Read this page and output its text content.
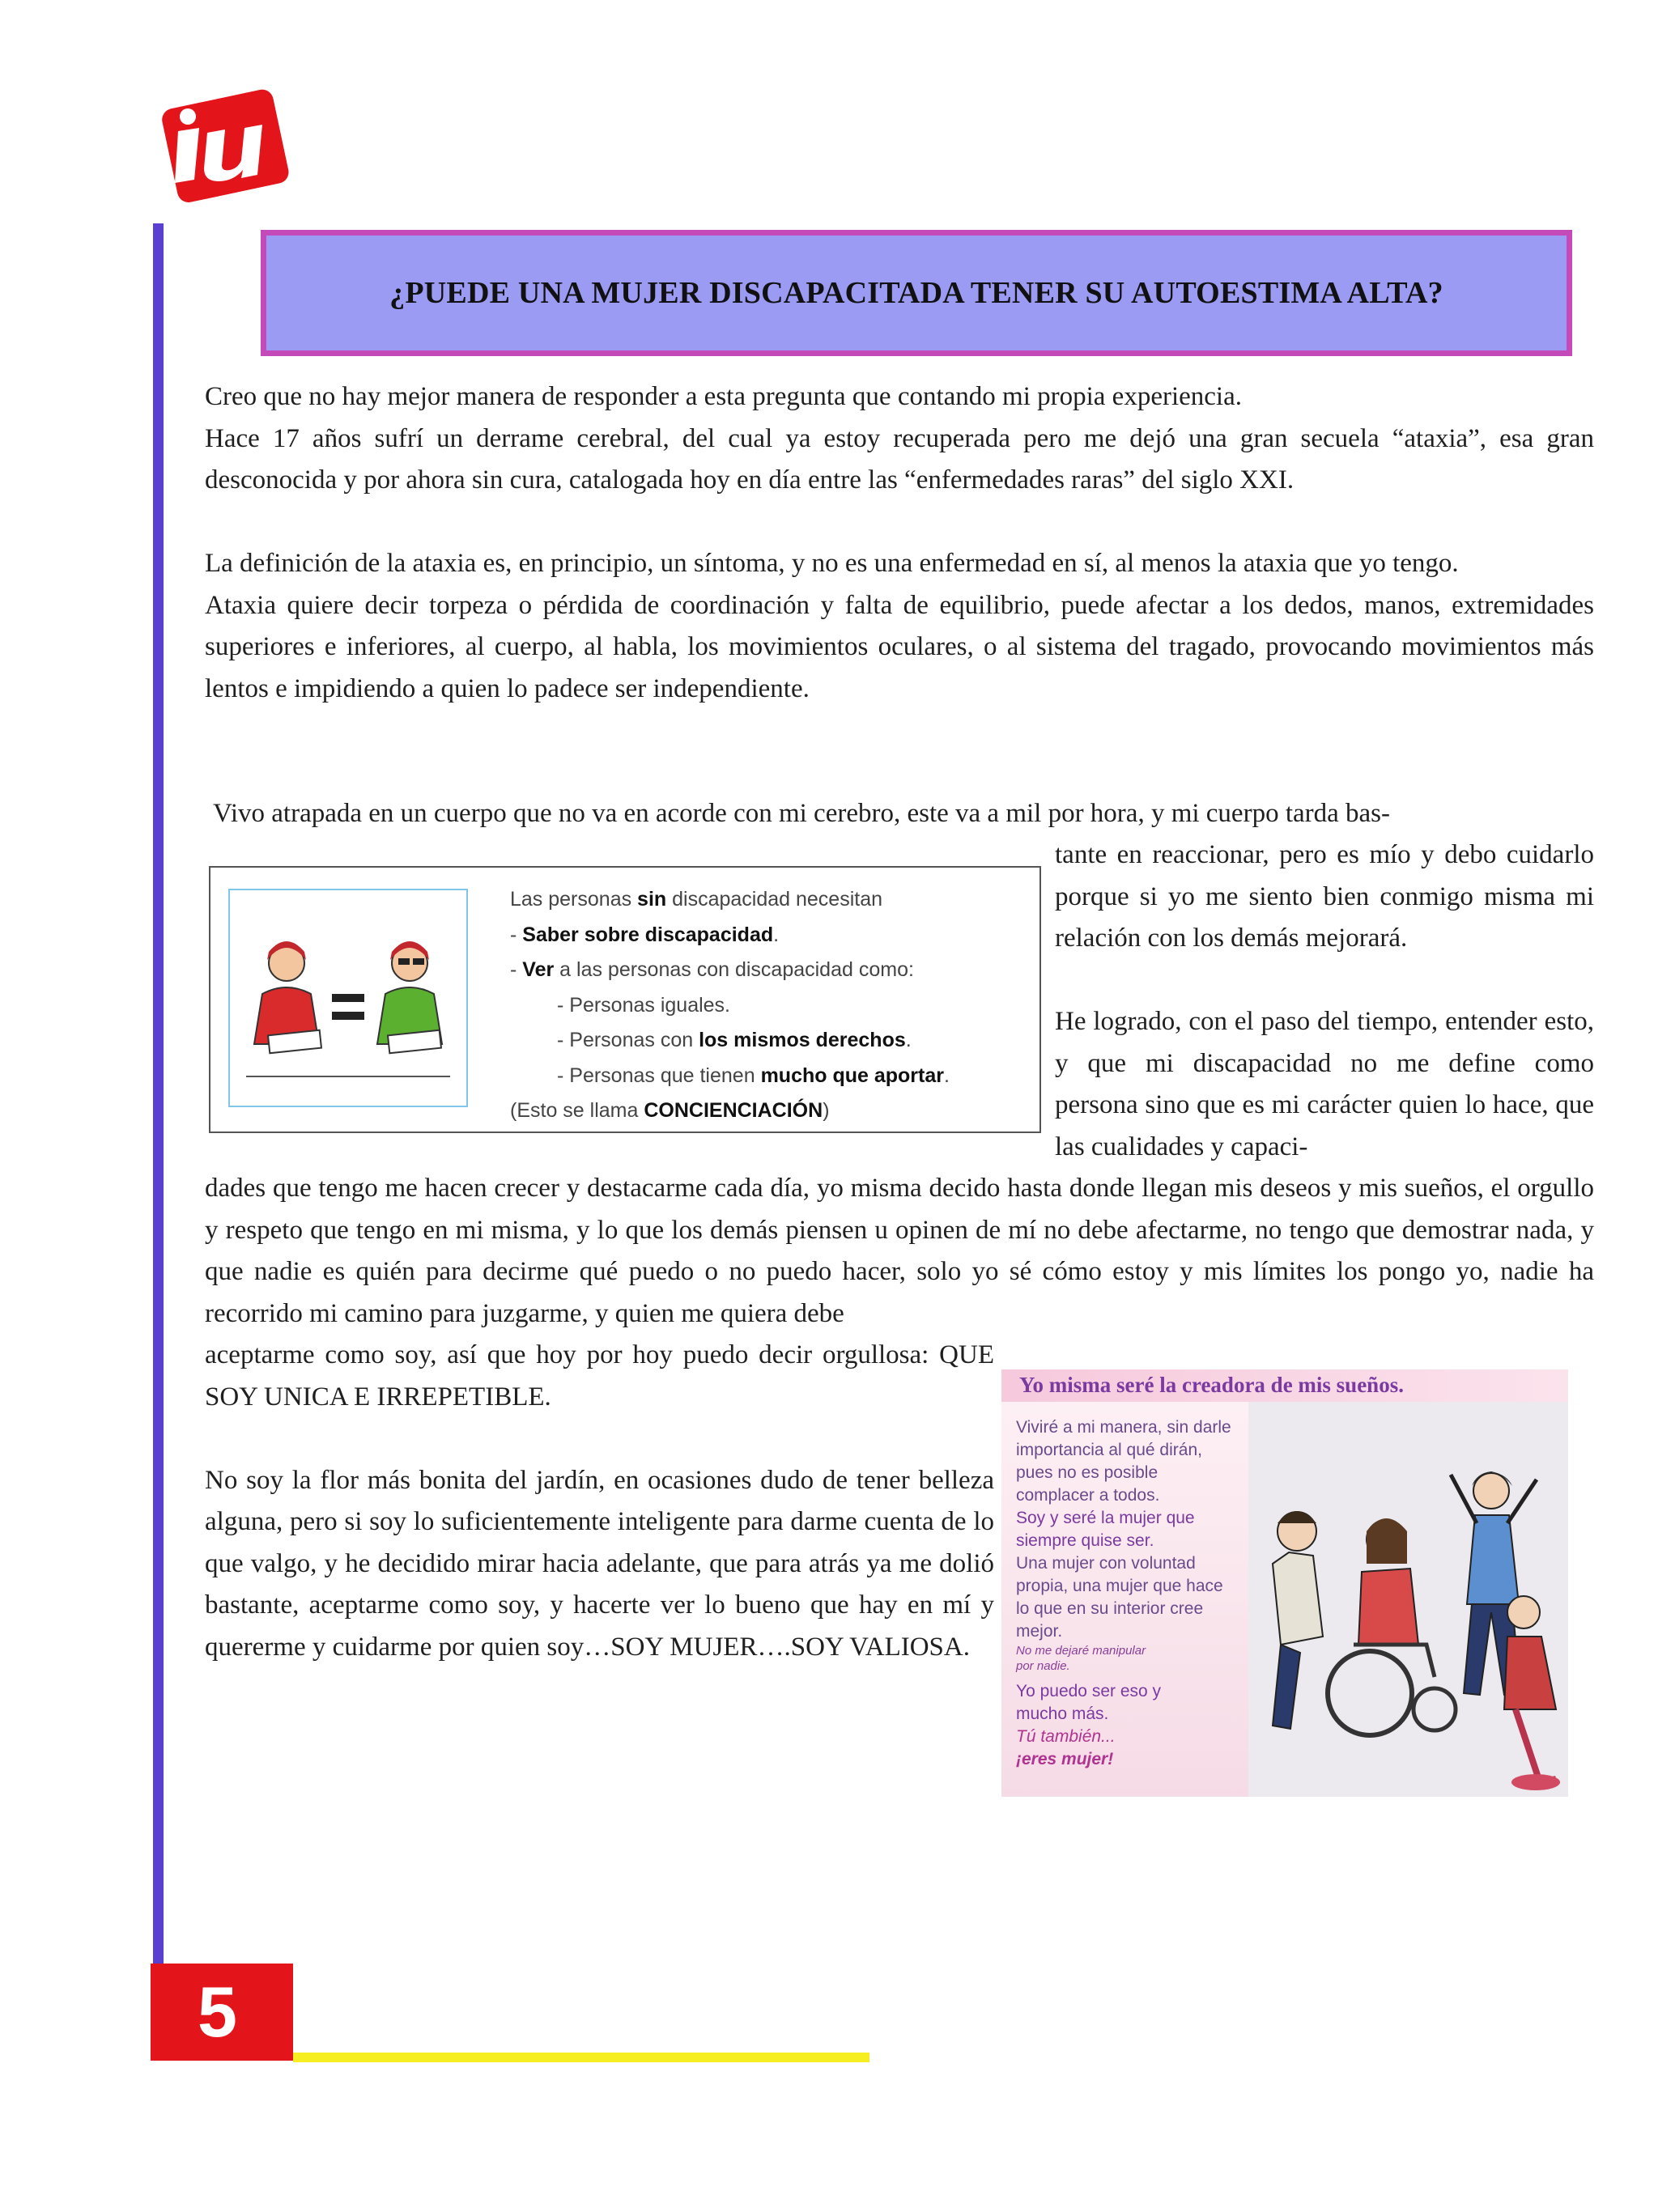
5
¿PUEDE UNA MUJER DISCAPACITADA TENER SU AUTOESTIMA ALTA?

Creo que no hay mejor manera de responder a esta pregunta que contando mi propia experiencia.

Hace 17 años sufrí un derrame cerebral, del cual ya estoy recuperada pero me dejó una gran secuela “ataxia”, esa gran desconocida y por ahora sin cura, catalogada hoy en día entre las “enfermedades raras” del siglo XXI.

La definición de la ataxia es, en principio, un síntoma, y no es una enfermedad en sí, al menos la ataxia que yo tengo.

Ataxia quiere decir torpeza o pérdida de coordinación y falta de equilibrio, puede afectar a los dedos, manos, extremidades superiores e inferiores, al cuerpo, al habla, los movimientos oculares, o al sistema del tragado, provocando movimientos más lentos e impidiendo a quien lo padece ser independiente.

Vivo atrapada en un cuerpo que no va en acorde con mi cerebro, este va a mil por hora, y mi cuerpo tarda bas-

tante en reaccionar, pero es mío y debo cuidarlo porque si yo me siento bien conmigo misma mi relación con los demás mejorará.

He logrado, con el paso del tiempo, entender esto, y que mi discapacidad no me define como persona sino que es mi carácter quien lo hace, que las cualidades y capaci-

Las personas sin discapacidad necesitan
- Saber sobre discapacidad.
- Ver a las personas con discapacidad como:
- Personas iguales.
- Personas con los mismos derechos.
- Personas que tienen mucho que aportar.
(Esto se llama CONCIENCIACIÓN)
dades que tengo me hacen crecer y destacarme cada día, yo misma decido hasta donde llegan mis deseos y mis sueños, el orgullo y respeto que tengo en mi misma, y lo que los demás piensen u opinen de mí no debe afectarme, no tengo que demostrar nada, y que nadie es quién para decirme qué puedo o no puedo hacer, solo yo sé cómo estoy y mis límites los pongo yo, nadie ha recorrido mi camino para juzgarme, y quien me quiera debe

aceptarme como soy, así que hoy por hoy puedo decir orgullosa: QUE SOY UNICA E IRREPETIBLE.

No soy la flor más bonita del jardín, en ocasiones dudo de tener belleza alguna, pero si soy lo suficientemente inteligente para darme cuenta de lo que valgo, y he decidido mirar hacia adelante, que para atrás ya me dolió bastante, aceptarme como soy, y hacerte ver lo bueno que hay en mí y quererme y cuidarme por quien soy…SOY MUJER….SOY VALIOSA.

Yo misma seré la creadora de mis sueños.
Viviré a mi manera, sin darle importancia al qué dirán, pues no es posible complacer a todos.
Soy y seré la mujer que siempre quise ser.
Una mujer con voluntad propia, una mujer que hace lo que en su interior cree mejor.
No me dejaré manipular por nadie.
Yo puedo ser eso y mucho más.
Tú también...
¡eres mujer!
